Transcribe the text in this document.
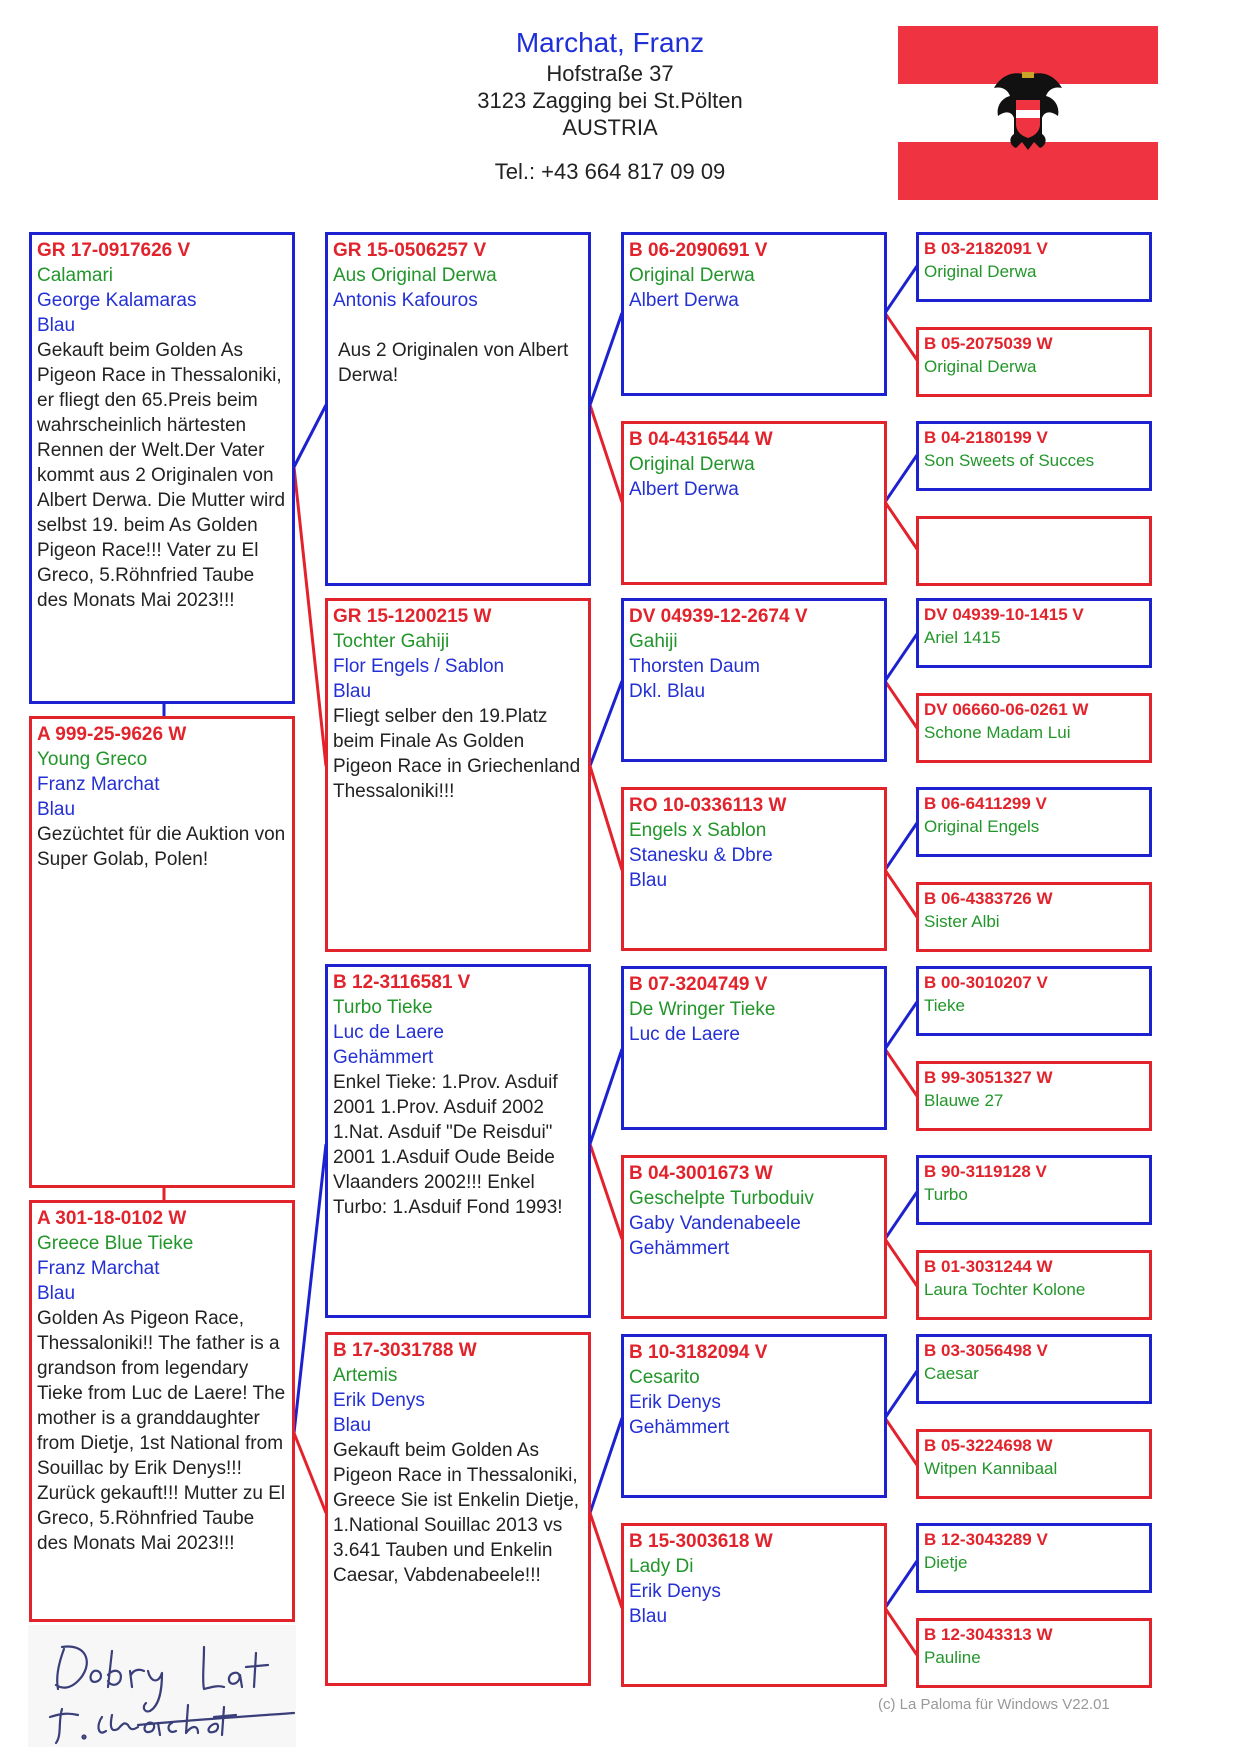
Marchat, Franz
Hofstraße 37
3123 Zagging bei St.Pölten
AUSTRIA
Tel.: +43 664 817 09 09
GR 17-0917626 V
Calamari
George Kalamaras
Blau
Gekauft beim Golden As Pigeon Race in Thessaloniki, er fliegt den 65.Preis beim wahrscheinlich härtesten Rennen der Welt.Der Vater kommt aus 2 Originalen von Albert Derwa. Die Mutter wird selbst 19. beim As Golden Pigeon Race!!! Vater zu El Greco, 5.Röhnfried Taube des Monats Mai 2023!!!
A 999-25-9626 W
Young Greco
Franz Marchat
Blau
Gezüchtet für die Auktion von Super Golab, Polen!
A 301-18-0102 W
Greece Blue Tieke
Franz Marchat
Blau
Golden As Pigeon Race, Thessaloniki!! The father is a grandson from legendary Tieke from Luc de Laere! The mother is a granddaughter from Dietje, 1st National from Souillac by Erik Denys!!! Zurück gekauft!!! Mutter zu El Greco, 5.Röhnfried Taube des Monats Mai 2023!!!
GR 15-0506257 V
Aus Original Derwa
Antonis Kafouros
Aus 2 Originalen von Albert Derwa!
GR 15-1200215 W
Tochter Gahiji
Flor Engels / Sablon
Blau
Fliegt selber den 19.Platz beim Finale As Golden Pigeon Race in Griechenland Thessaloniki!!!
B 12-3116581 V
Turbo Tieke
Luc de Laere
Gehämmert
Enkel Tieke: 1.Prov. Asduif 2001 1.Prov. Asduif 2002 1.Nat. Asduif "De Reisdui" 2001 1.Asduif Oude Beide Vlaanders 2002!!! Enkel Turbo: 1.Asduif Fond 1993!
B 17-3031788 W
Artemis
Erik Denys
Blau
Gekauft beim Golden As Pigeon Race in Thessaloniki, Greece Sie ist Enkelin Dietje, 1.National Souillac 2013 vs 3.641 Tauben und Enkelin Caesar, Vabdenabeele!!!
B 06-2090691 V
Original Derwa
Albert Derwa
B 04-4316544 W
Original Derwa
Albert Derwa
DV 04939-12-2674 V
Gahiji
Thorsten Daum
Dkl. Blau
RO 10-0336113 W
Engels x Sablon
Stanesku & Dbre
Blau
B 07-3204749 V
De Wringer Tieke
Luc de Laere
B 04-3001673 W
Geschelpte Turboduiv
Gaby Vandenabeele
Gehämmert
B 10-3182094 V
Cesarito
Erik Denys
Gehämmert
B 15-3003618 W
Lady Di
Erik Denys
Blau
B 03-2182091 V
Original Derwa
B 05-2075039 W
Original Derwa
B 04-2180199 V
Son Sweets of Succes
DV 04939-10-1415 V
Ariel 1415
DV 06660-06-0261 W
Schone Madam Lui
B 06-6411299 V
Original Engels
B 06-4383726 W
Sister Albi
B 00-3010207 V
Tieke
B 99-3051327 W
Blauwe 27
B 90-3119128 V
Turbo
B 01-3031244 W
Laura Tochter Kolone
B 03-3056498 V
Caesar
B 05-3224698 W
Witpen Kannibaal
B 12-3043289 V
Dietje
B 12-3043313 W
Pauline
(c) La Paloma für Windows V22.01
